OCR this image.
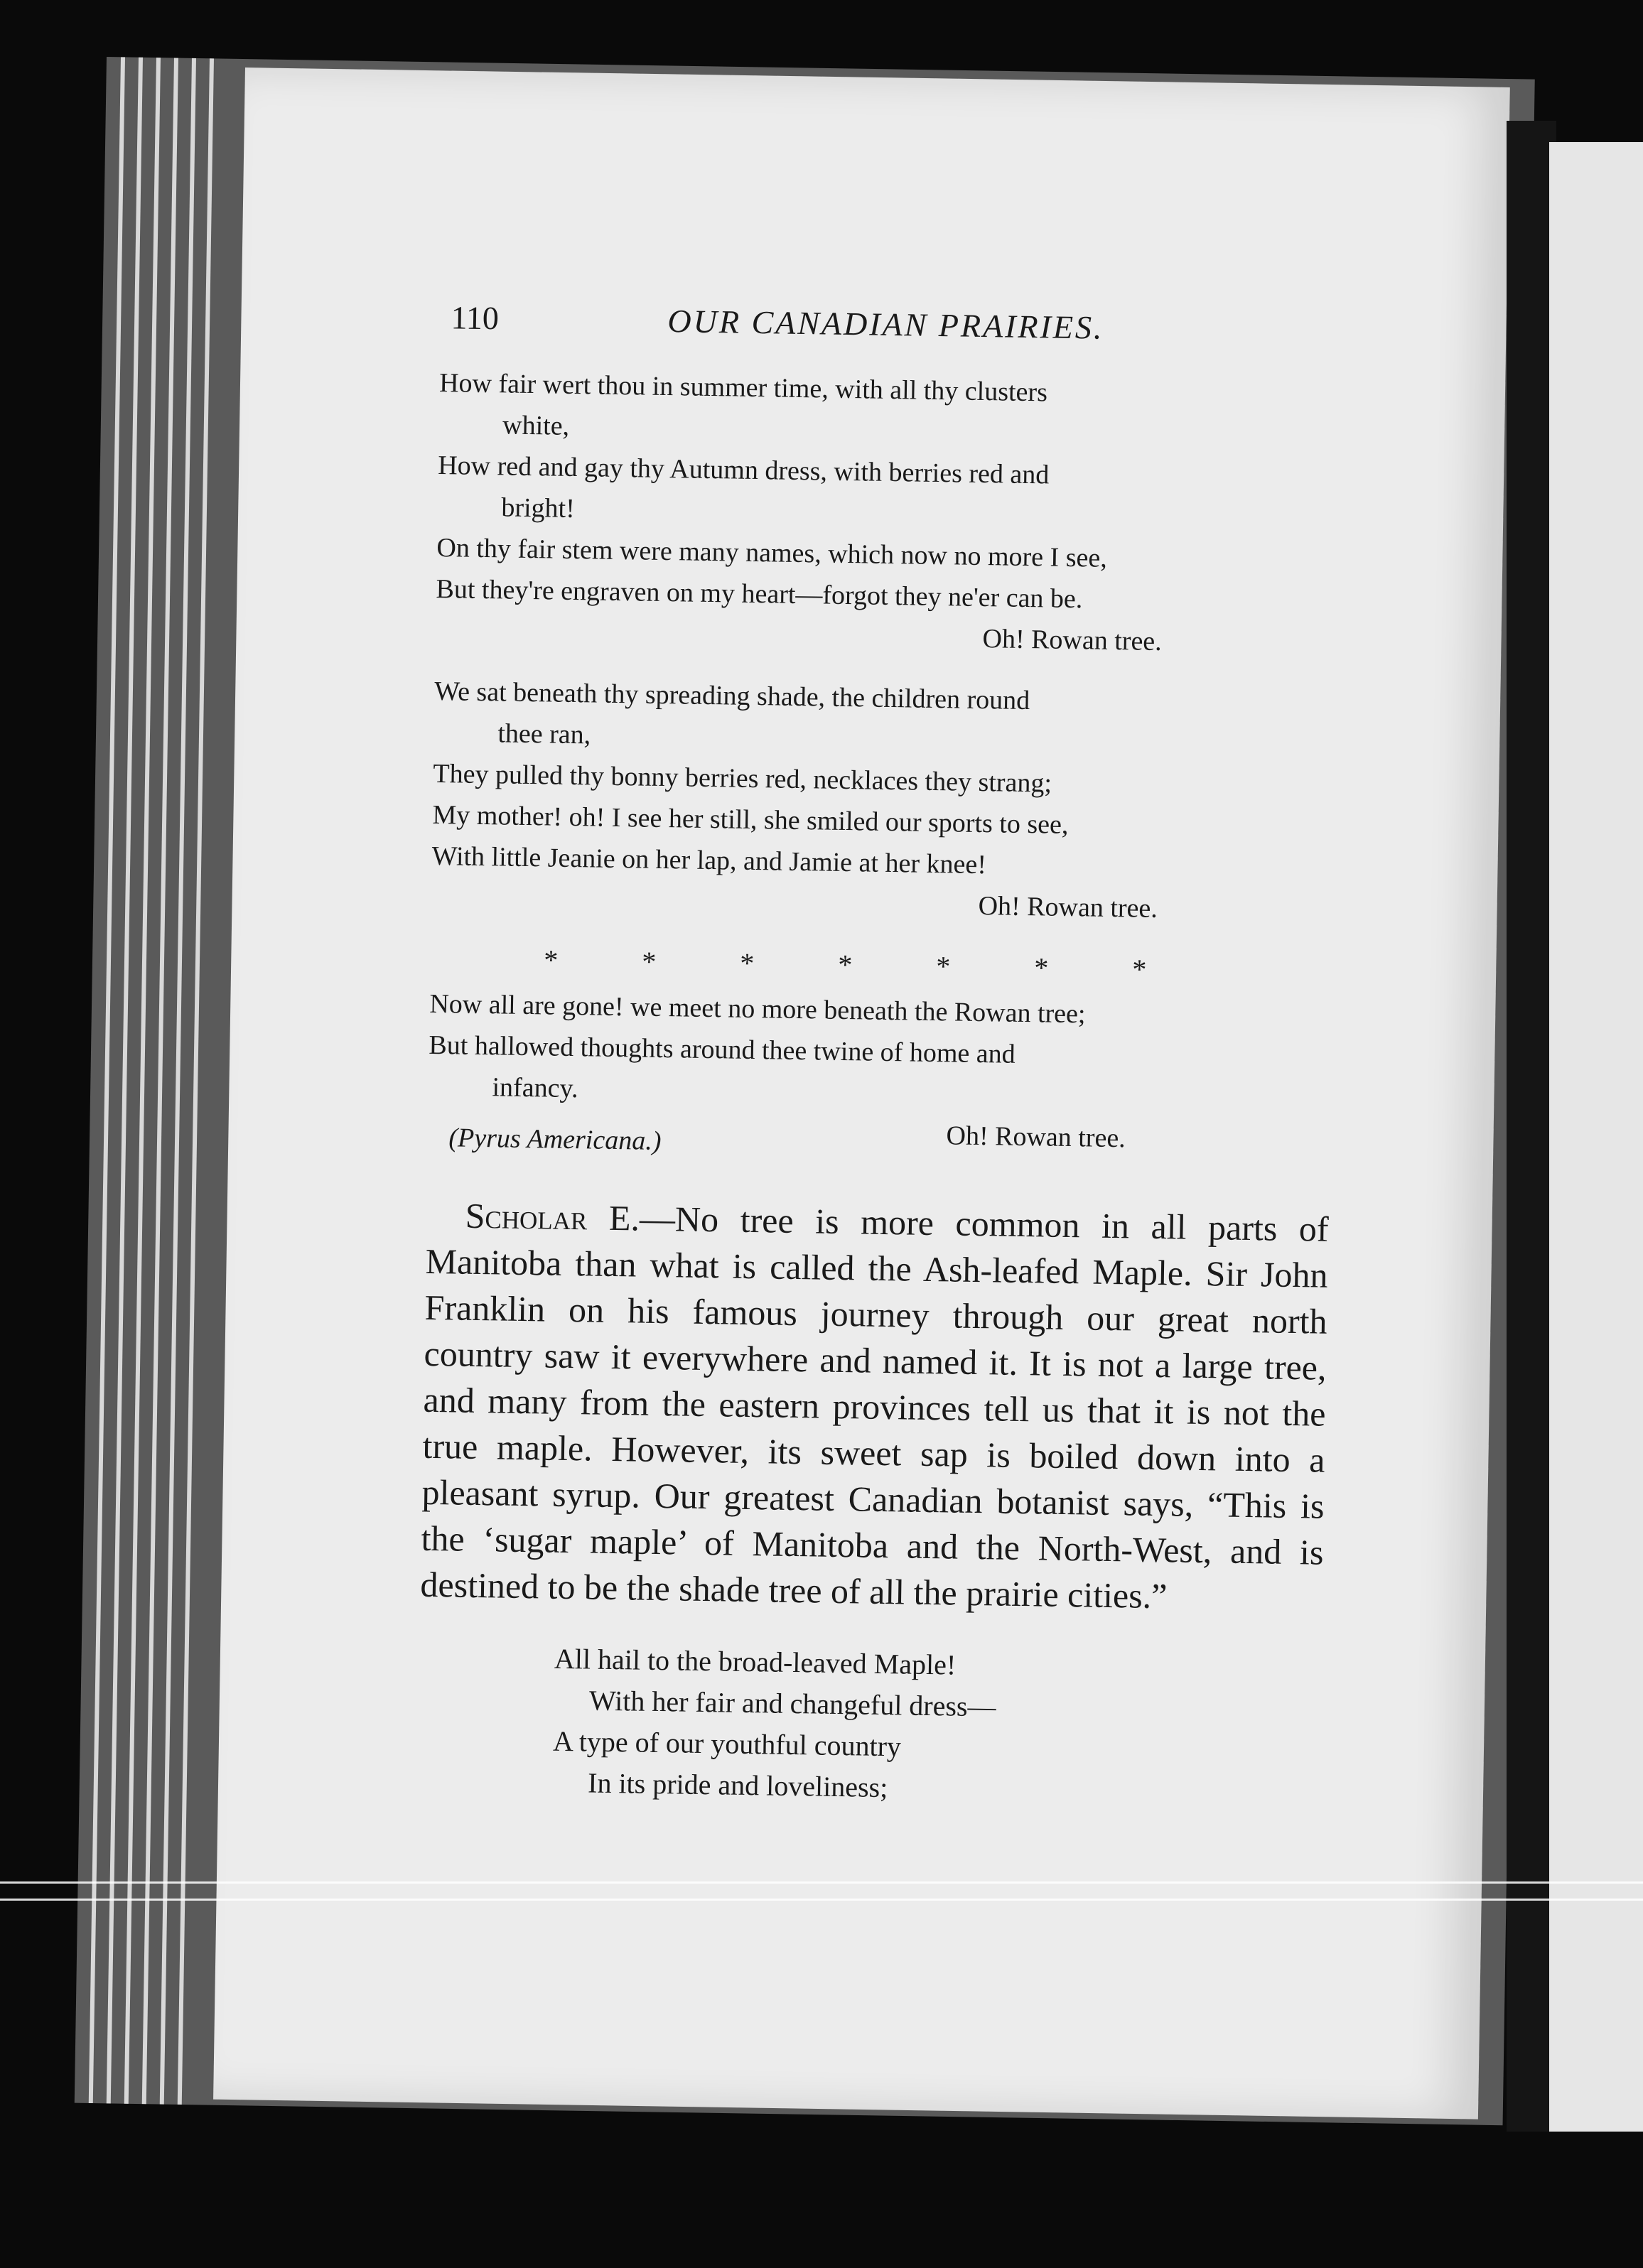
110	OUR CANADIAN PRAIRIES.
How fair wert thou in summer time, with all thy clusters
white,
How red and gay thy Autumn dress, with berries red and
bright!
On thy fair stem were many names, which now no more I see,
But they're engraven on my heart—forgot they ne'er can be.
Oh! Rowan tree.
We sat beneath thy spreading shade, the children round
thee ran,
They pulled thy bonny berries red, necklaces they strang;
My mother! oh! I see her still, she smiled our sports to see,
With little Jeanie on her lap, and Jamie at her knee!
Oh! Rowan tree.
*	*	*	*	*	*	*
Now all are gone! we meet no more beneath the Rowan tree;
But hallowed thoughts around thee twine of home and
infancy.
(Pyrus Americana.)	Oh! Rowan tree.
Scholar E.—No tree is more common in all parts of Manitoba than what is called the Ash-leafed Maple. Sir John Franklin on his famous journey through our great north country saw it everywhere and named it. It is not a large tree, and many from the eastern provinces tell us that it is not the true maple. However, its sweet sap is boiled down into a pleasant syrup. Our greatest Canadian botanist says, “This is the ‘sugar maple’ of Manitoba and the North-West, and is destined to be the shade tree of all the prairie cities.”
All hail to the broad-leaved Maple!
With her fair and changeful dress—
A type of our youthful country
In its pride and loveliness;
